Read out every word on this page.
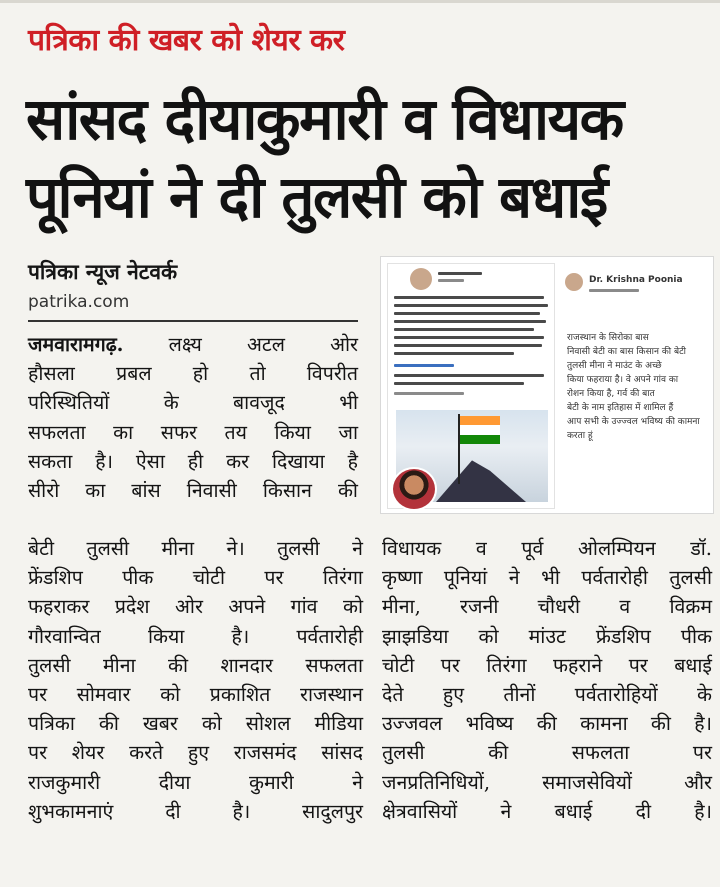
पत्रिका की खबर को शेयर कर
सांसद दीयाकुमारी व विधायक
पूनियां ने दी तुलसी को बधाई
पत्रिका न्यूज नेटवर्क
patrika.com
जमवारामगढ़. लक्ष्य अटल ओर
हौसला प्रबल हो तो विपरीत
परिस्थितियों के बावजूद भी
सफलता का सफर तय किया जा
सकता है। ऐसा ही कर दिखाया है
सीरो का बांस निवासी किसान की
Dr. Krishna Poonia
राजस्थान के सिरोका बास
निवासी बेटी का बास किसान की बेटी
तुलसी मीना ने माउंट के अच्छे
किया फहराया है। वे अपने गांव का
रोशन किया है, गर्व की बात
बेटी के नाम इतिहास में शामिल हैं
आप सभी के उज्ज्वल भविष्य की कामना
करता हूं
बेटी तुलसी मीना ने। तुलसी ने
फ्रेंडशिप पीक चोटी पर तिरंगा
फहराकर प्रदेश ओर अपने गांव को
गौरवान्वित किया है। पर्वतारोही
तुलसी मीना की शानदार सफलता
पर सोमवार को प्रकाशित राजस्थान
पत्रिका की खबर को सोशल मीडिया
पर शेयर करते हुए राजसमंद सांसद
राजकुमारी दीया कुमारी ने
शुभकामनाएं दी है। सादुलपुर
विधायक व पूर्व ओलम्पियन डॉ.
कृष्णा पूनियां ने भी पर्वतारोही तुलसी
मीना, रजनी चौधरी व विक्रम
झाझडिया को मांउट फ्रेंडशिप पीक
चोटी पर तिरंगा फहराने पर बधाई
देते हुए तीनों पर्वतारोहियों के
उज्जवल भविष्य की कामना की है।
तुलसी की सफलता पर
जनप्रतिनिधियों, समाजसेवियों और
क्षेत्रवासियों ने बधाई दी है।
